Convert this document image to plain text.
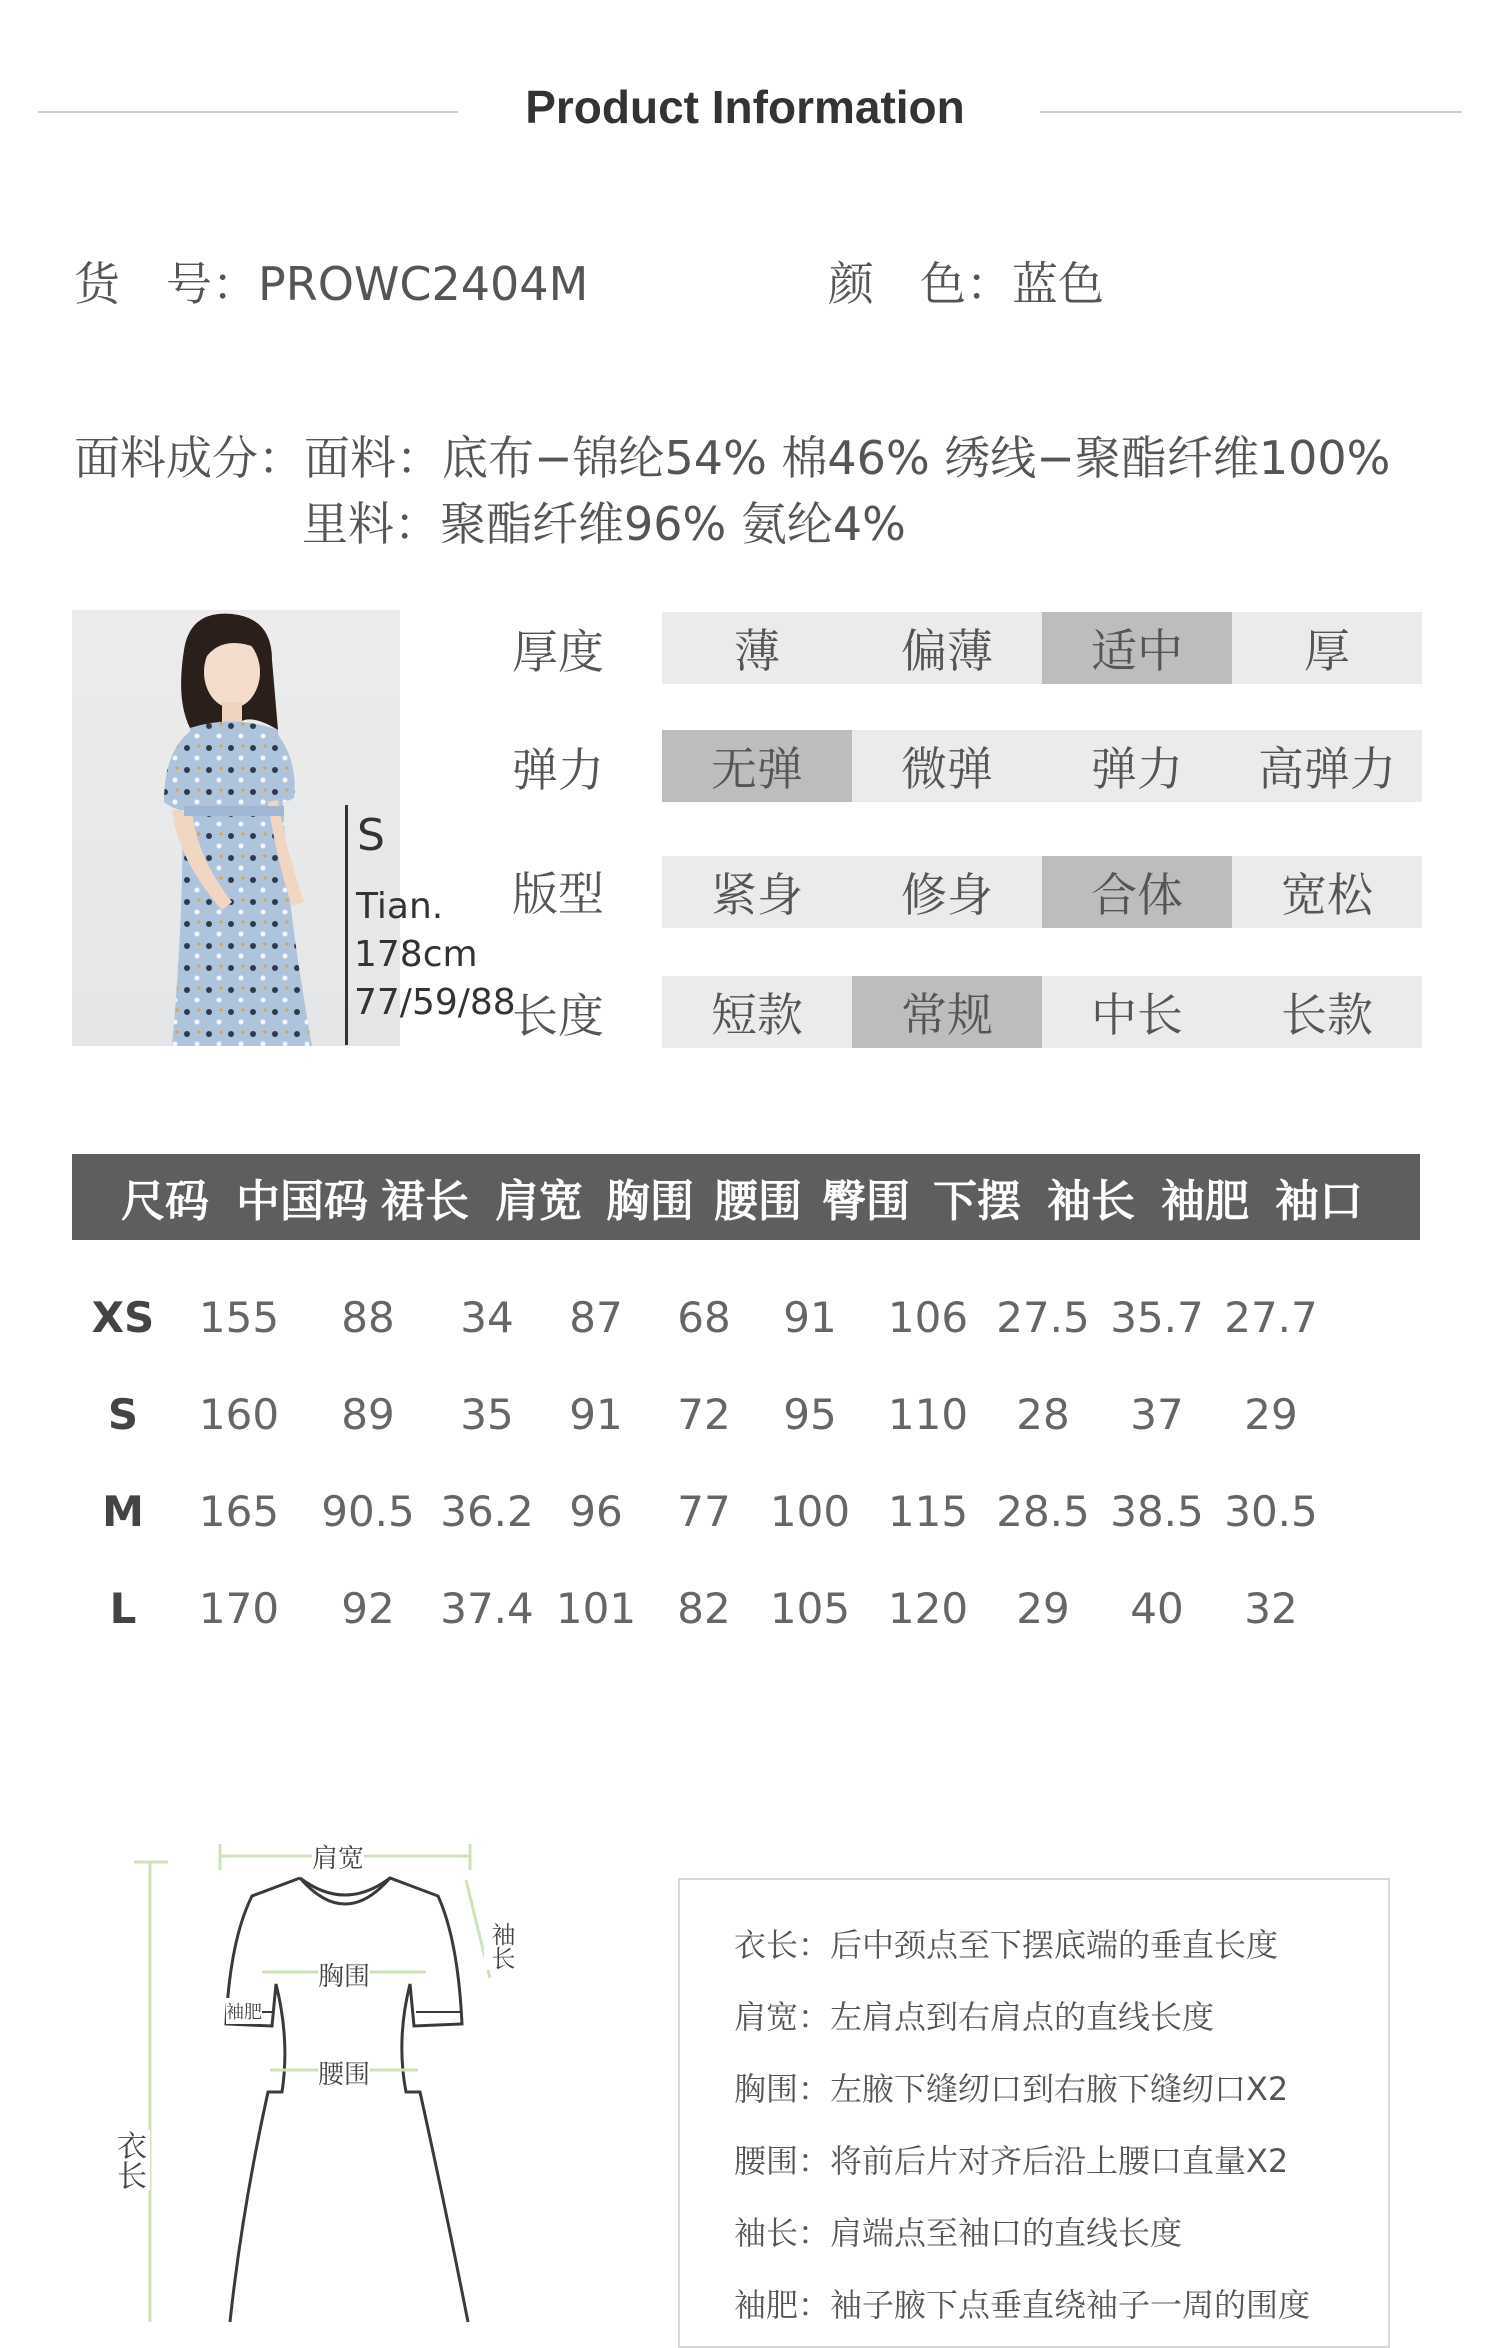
Product Information
货　号：PROWC2404M	颜　色：蓝色
面料成分：面料：底布−锦纶54% 棉46% 绣线−聚酯纤维100%
里料：聚酯纤维96% 氨纶4%
S
Tian.
178cm
77/59/88
厚度	薄	偏薄	适中	厚
弹力	无弹	微弹	弹力	高弹力
版型	紧身	修身	合体	宽松
长度	短款	常规	中长	长款
尺码 中国码 裙长 肩宽 胸围 腰围 臀围 下摆 袖长 袖肥 袖口
XS	155	88	34	87	68	91	106 27.5 35.7 27.7
S	160	89	35	91	72	95	110	28	37	29
M	165	90.5 36.2 96	77 100 115 28.5 38.5 30.5
L	170	92	37.4 101 82 105 120	29	40	32
肩宽
胸围
腰围
袖肥
袖长
衣长
衣长：后中颈点至下摆底端的垂直长度
肩宽：左肩点到右肩点的直线长度
胸围：左腋下缝纫口到右腋下缝纫口X2
腰围：将前后片对齐后沿上腰口直量X2
袖长：肩端点至袖口的直线长度
袖肥：袖子腋下点垂直绕袖子一周的围度
